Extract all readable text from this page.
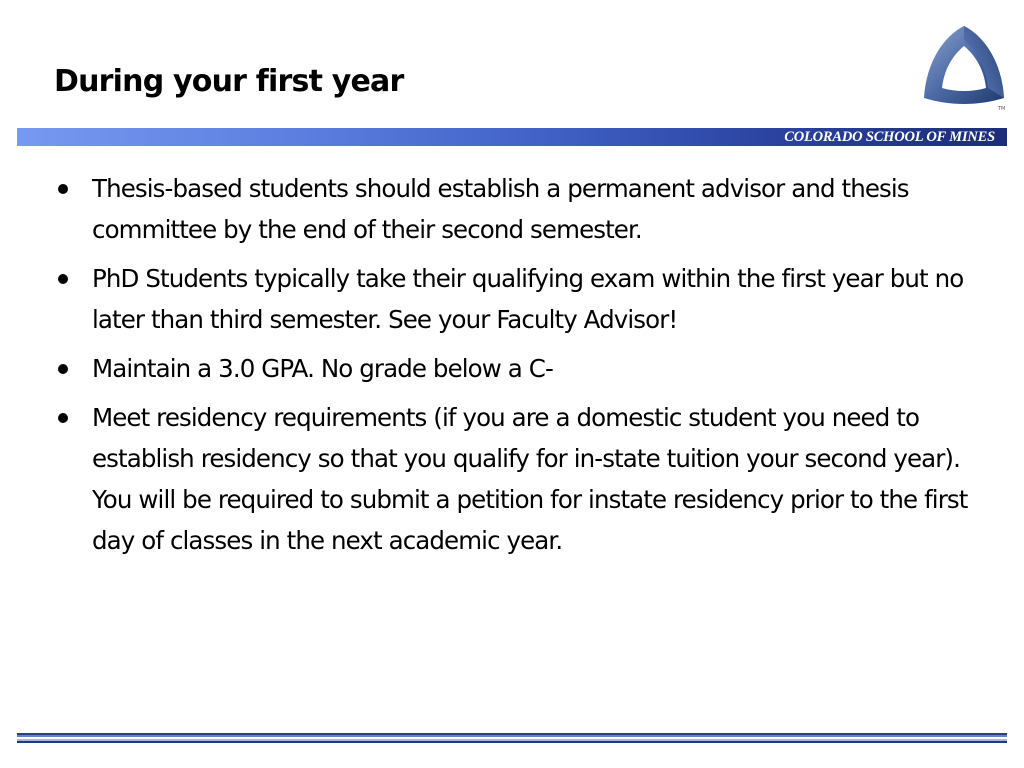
During your first year
TM
COLORADO SCHOOL OF MINES
Thesis-based students should establish a permanent advisor and thesis committee by the end of their second semester.
PhD Students typically take their qualifying exam within the first year but no later than third semester. See your Faculty Advisor!
Maintain a 3.0 GPA. No grade below a C-
Meet residency requirements (if you are a domestic student you need to establish residency so that you qualify for in-state tuition your second year). You will be required to submit a petition for instate residency prior to the first day of classes in the next academic year.
